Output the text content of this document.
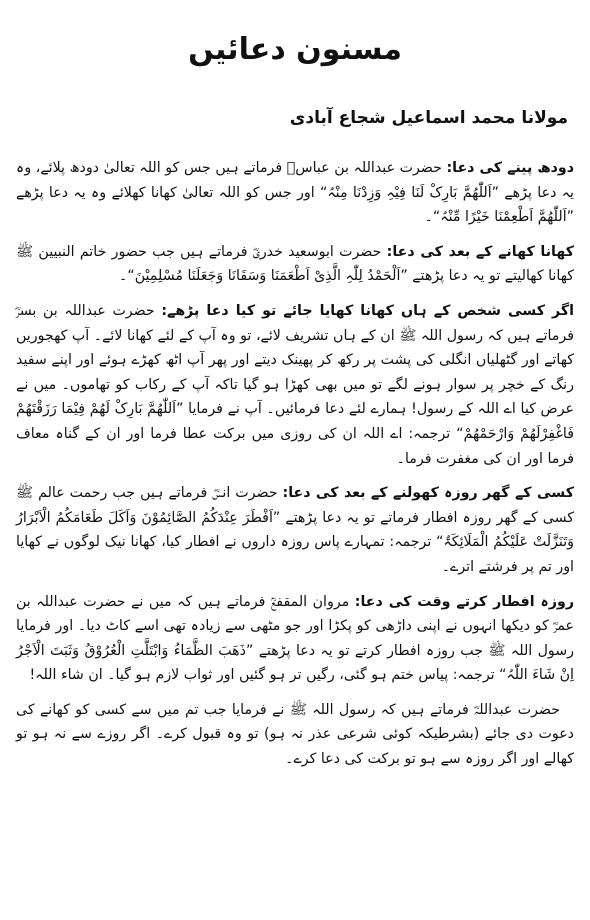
مسنون دعائیں
مولانا محمد اسماعیل شجاع آبادی

دودھ پینے کی دعا: حضرت عبداللہ بن عباسؓ فرماتے ہیں جس کو اللہ تعالیٰ دودھ پلائے، وہ یہ دعا پڑھے ”اَللّٰھُمَّ بَارِکْ لَنَا فِیْہِ وَزِدْنَا مِنْہُ“ اور جس کو اللہ تعالیٰ کھانا کھلائے وہ یہ دعا پڑھے ”اَللّٰھُمَّ اَطْعِمْنَا خَیْرًا مِّنْہُ“۔

کھانا کھانے کے بعد کی دعا: حضرت ابوسعید خدریؓ فرماتے ہیں جب حضور خاتم النبیین ﷺ کھانا کھالیتے تو یہ دعا پڑھتے ”اَلْحَمْدُ لِلّٰہِ الَّذِیْ اَطْعَمَنَا وَسَقَانَا وَجَعَلَنَا مُسْلِمِیْنَ“۔

اگر کسی شخص کے ہاں کھانا کھایا جائے تو کیا دعا پڑھے: حضرت عبداللہ بن بسرؓ فرماتے ہیں کہ رسول اللہ ﷺ ان کے ہاں تشریف لائے، تو وہ آپ کے لئے کھانا لائے۔ آپ کھجوریں کھاتے اور گٹھلیاں انگلی کی پشت پر رکھ کر پھینک دیتے اور پھر آپ اٹھ کھڑے ہوئے اور اپنے سفید رنگ کے خچر پر سوار ہونے لگے تو میں بھی کھڑا ہو گیا تاکہ آپ کے رکاب کو تھاموں۔ میں نے عرض کیا اے اللہ کے رسول! ہمارے لئے دعا فرمائیں۔ آپ نے فرمایا ”اَللّٰھُمَّ بَارِکْ لَھُمْ فِیْمَا رَزَقْتَھُمْ فَاغْفِرْلَھُمْ وَارْحَمْھُمْ“ ترجمہ: اے اللہ ان کی روزی میں برکت عطا فرما اور ان کے گناہ معاف فرما اور ان کی مغفرت فرما۔

کسی کے گھر روزہ کھولنے کے بعد کی دعا: حضرت انسؓ فرماتے ہیں جب رحمت عالم ﷺ کسی کے گھر روزہ افطار فرماتے تو یہ دعا پڑھتے ”اَفْطَرَ عِنْدَکُمُ الصَّائِمُوْنَ وَاَکَلَ طَعَامَکُمُ الْاَبْرَارُ وَتَنَزَّلَتْ عَلَیْکُمُ الْمَلَائِکَۃُ“ ترجمہ: تمہارے پاس روزہ داروں نے افطار کیا، کھانا نیک لوگوں نے کھایا اور تم پر فرشتے اترے۔

روزہ افطار کرتے وقت کی دعا: مروان المقفعؒ فرماتے ہیں کہ میں نے حضرت عبداللہ بن عمرؓ کو دیکھا انہوں نے اپنی داڑھی کو پکڑا اور جو مٹھی سے زیادہ تھی اسے کاٹ دیا۔ اور فرمایا رسول اللہ ﷺ جب روزہ افطار کرتے تو یہ دعا پڑھتے ”ذَھَبَ الظَّمَاءُ وَابْتَلَّتِ الْعُرُوْقُ وَثَبَتَ الْاَجْرُ اِنْ شَاءَ اللّٰہُ“ ترجمہ: پیاس ختم ہو گئی، رگیں تر ہو گئیں اور ثواب لازم ہو گیا۔ ان شاء اللہ!

حضرت عبداللہؓ فرماتے ہیں کہ رسول اللہ ﷺ نے فرمایا جب تم میں سے کسی کو کھانے کی دعوت دی جائے (بشرطیکہ کوئی شرعی عذر نہ ہو) تو وہ قبول کرے۔ اگر روزے سے نہ ہو تو کھالے اور اگر روزہ سے ہو تو برکت کی دعا کرے۔
